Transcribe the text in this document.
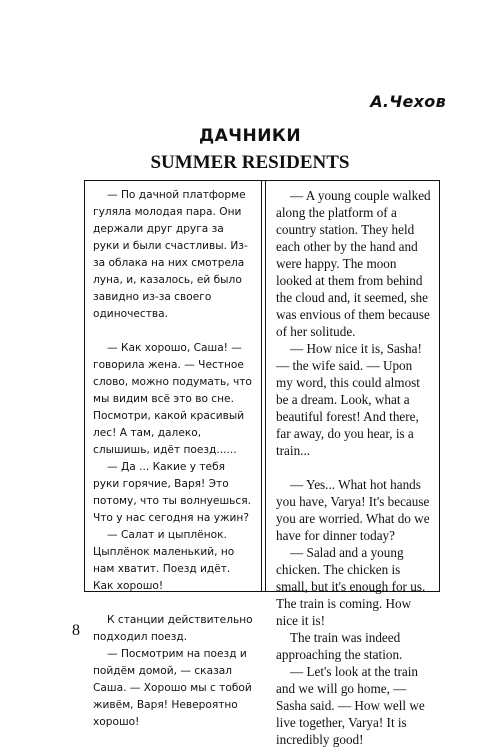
А.Чехов
ДАЧНИКИ
SUMMER RESIDENTS

— По дачной платформе гуляла молодая пара. Они держали друг друга за руки и были счастливы. Из-за облака на них смотрела луна, и, казалось, ей было завидно из-за своего одиночества.

— Как хорошо, Саша! — говорила жена. — Честное слово, можно подумать, что мы видим всё это во сне. Посмотри, какой красивый лес! А там, далеко, слышишь, идёт поезд......

— Да ... Какие у тебя руки горячие, Варя! Это потому, что ты волнуешься. Что у нас сегодня на ужин?

— Салат и цыплёнок. Цыплёнок маленький, но нам хватит. Поезд идёт. Как хорошо!

К станции действительно подходил поезд.

— Посмотрим на поезд и пойдём домой, — сказал Саша. — Хорошо мы с тобой живём, Варя! Невероятно хорошо!

— A young couple walked along the platform of a country station. They held each other by the hand and were happy. The moon looked at them from behind the cloud and, it seemed, she was envious of them because of her solitude.

— How nice it is, Sasha! — the wife said. — Upon my word, this could almost be a dream. Look, what a beautiful forest! And there, far away, do you hear, is a train...

— Yes... What hot hands you have, Varya! It's because you are worried. What do we have for dinner today?

— Salad and a young chicken. The chicken is small, but it's enough for us. The train is coming. How nice it is!

The train was indeed approaching the station.

— Let's look at the train and we will go home, — Sasha said. — How well we live together, Varya! It is incredibly good!

8
